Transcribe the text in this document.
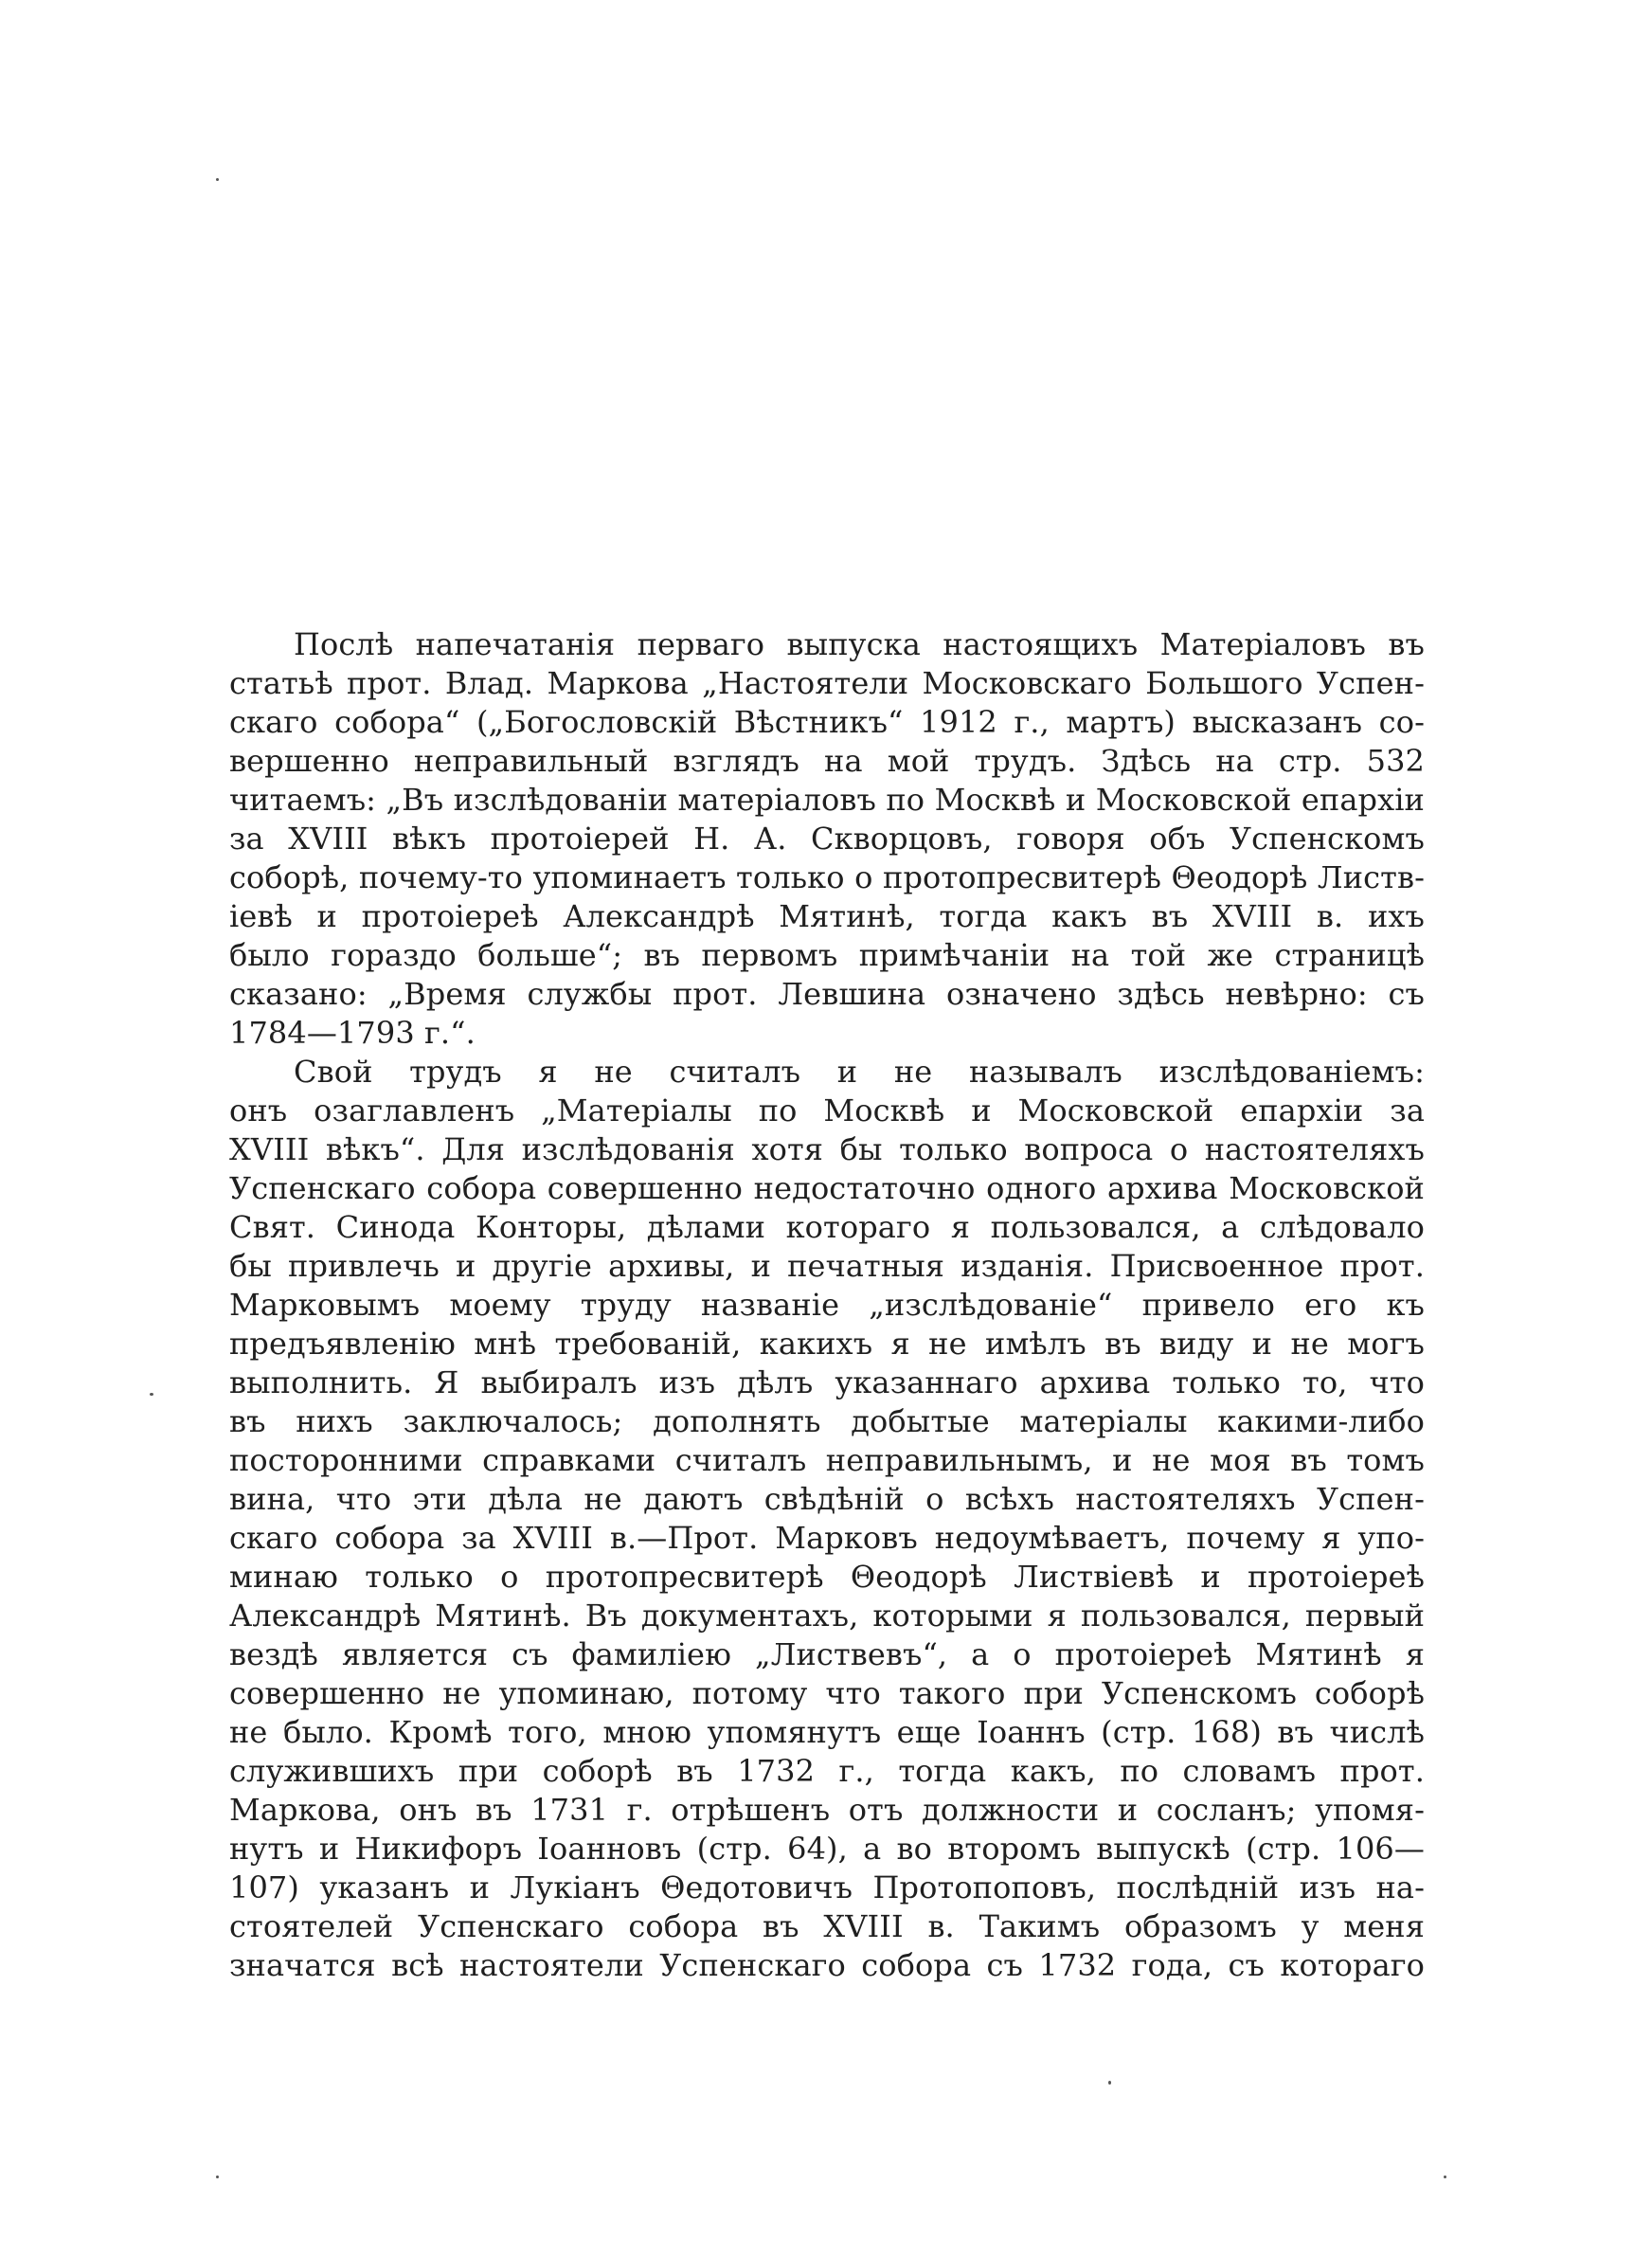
Послѣ напечатанія перваго выпуска настоящихъ Матеріаловъ въ
статьѣ прот. Влад. Маркова „Настоятели Московскаго Большого Успен-
скаго собора“ („Богословскій Вѣстникъ“ 1912 г., мартъ) высказанъ со-
вершенно неправильный взглядъ на мой трудъ. Здѣсь на стр. 532
читаемъ: „Въ изслѣдованіи матеріаловъ по Москвѣ и Московской епархіи
за XVIII вѣкъ протоіерей Н. А. Скворцовъ, говоря объ Успенскомъ
соборѣ, почему-то упоминаетъ только о протопресвитерѣ Θеодорѣ Листв-
іевѣ и протоіереѣ Александрѣ Мятинѣ, тогда какъ въ XVIII в. ихъ
было гораздо больше“; въ первомъ примѣчаніи на той же страницѣ
сказано: „Время службы прот. Левшина означено здѣсь невѣрно: съ
1784—1793 г.“.
Свой трудъ я не считалъ и не называлъ изслѣдованіемъ:
онъ озаглавленъ „Матеріалы по Москвѣ и Московской епархіи за
XVIII вѣкъ“. Для изслѣдованія хотя бы только вопроса о настоятеляхъ
Успенскаго собора совершенно недостаточно одного архива Московской
Свят. Синода Конторы, дѣлами котораго я пользовался, а слѣдовало
бы привлечь и другіе архивы, и печатныя изданія. Присвоенное прот.
Марковымъ моему труду названіе „изслѣдованіе“ привело его къ
предъявленію мнѣ требованій, какихъ я не имѣлъ въ виду и не могъ
выполнить. Я выбиралъ изъ дѣлъ указаннаго архива только то, что
въ нихъ заключалось; дополнять добытые матеріалы какими-либо
посторонними справками считалъ неправильнымъ, и не моя въ томъ
вина, что эти дѣла не даютъ свѣдѣній о всѣхъ настоятеляхъ Успен-
скаго собора за XVIII в.—Прот. Марковъ недоумѣваетъ, почему я упо-
минаю только о протопресвитерѣ Θеодорѣ Листвіевѣ и протоіереѣ
Александрѣ Мятинѣ. Въ документахъ, которыми я пользовался, первый
вездѣ является съ фамиліею „Листвевъ“, а о протоіереѣ Мятинѣ я
совершенно не упоминаю, потому что такого при Успенскомъ соборѣ
не было. Кромѣ того, мною упомянутъ еще Іоаннъ (стр. 168) въ числѣ
служившихъ при соборѣ въ 1732 г., тогда какъ, по словамъ прот.
Маркова, онъ въ 1731 г. отрѣшенъ отъ должности и сосланъ; упомя-
нутъ и Никифоръ Іоанновъ (стр. 64), а во второмъ выпускѣ (стр. 106—
107) указанъ и Лукіанъ Θедотовичъ Протопоповъ, послѣдній изъ на-
стоятелей Успенскаго собора въ XVIII в. Такимъ образомъ у меня
значатся всѣ настоятели Успенскаго собора съ 1732 года, съ котораго
